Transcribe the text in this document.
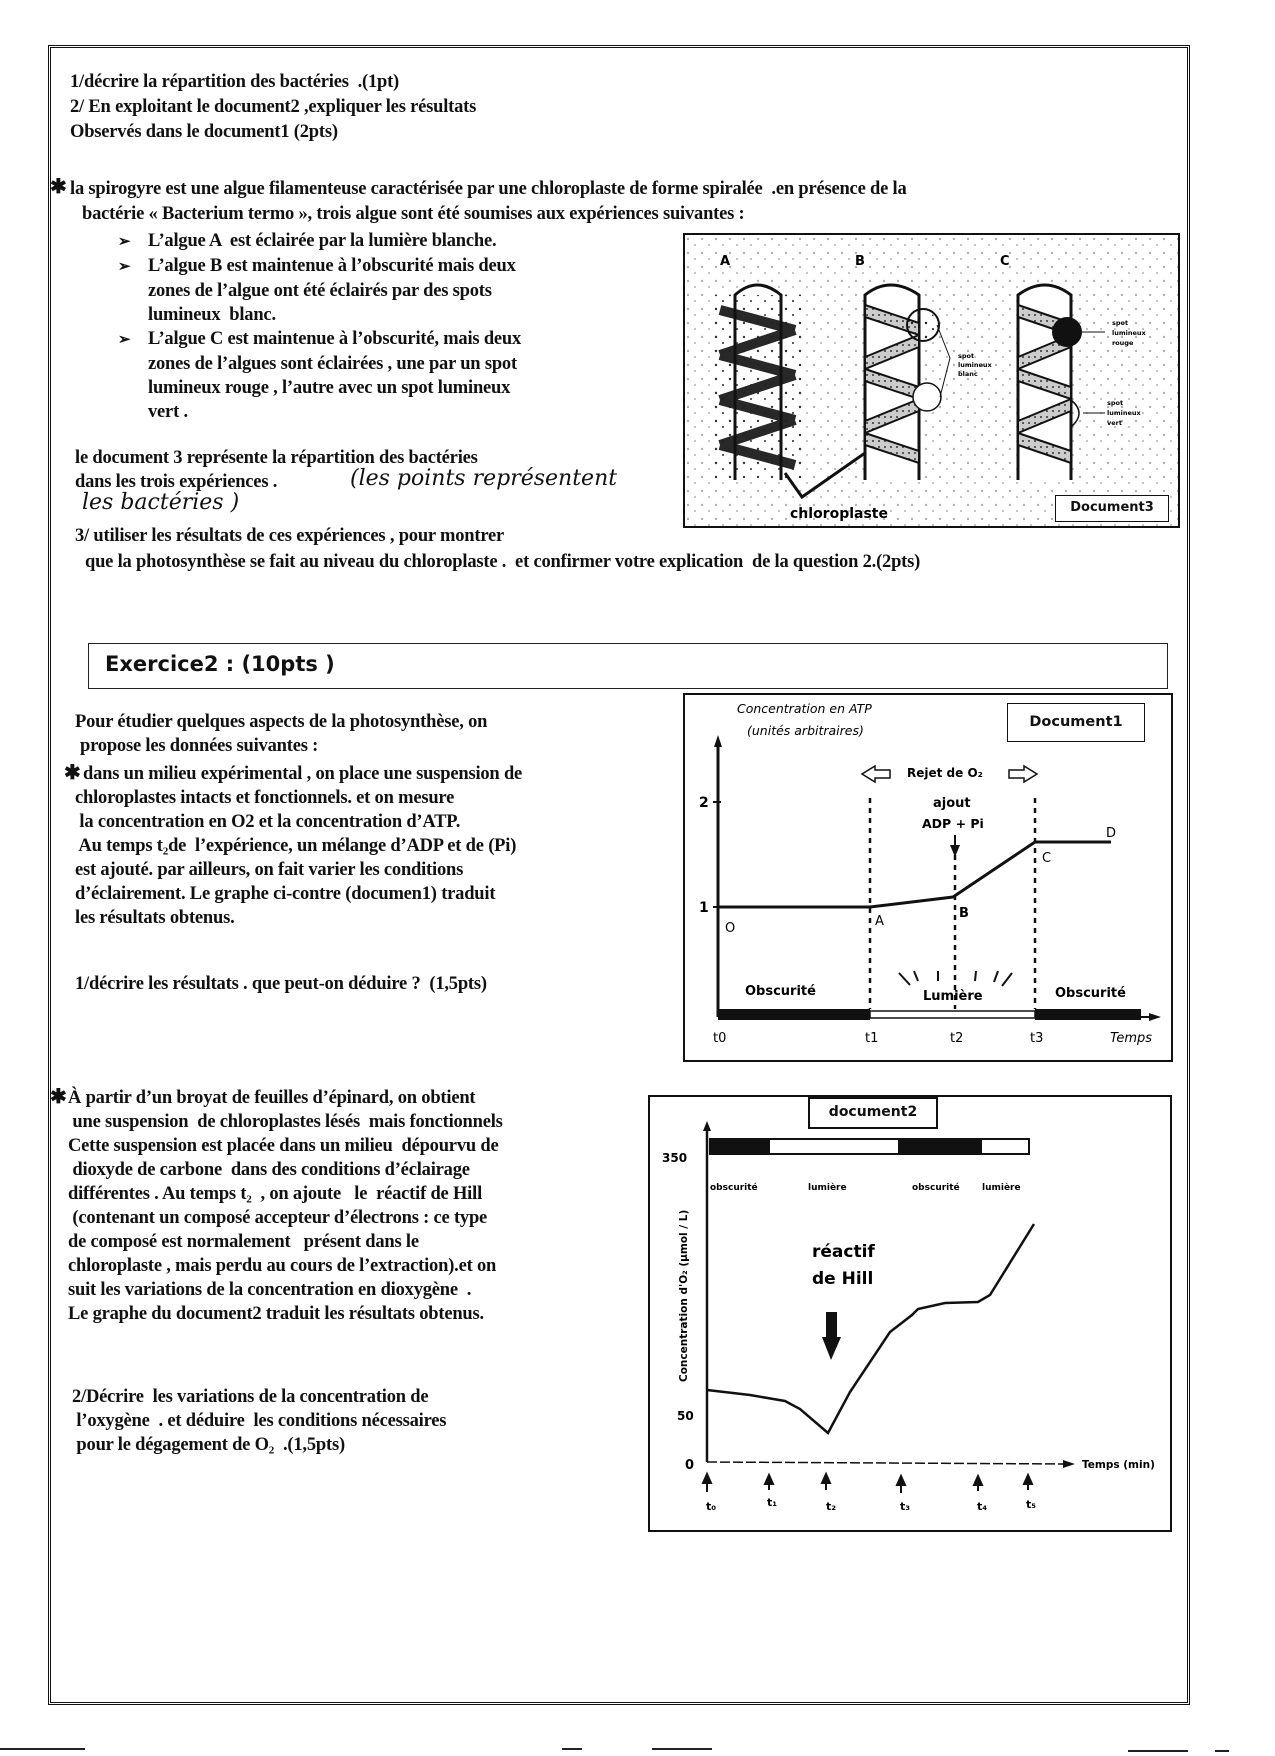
1/décrire la répartition des bactéries  .(1pt)
2/ En exploitant le document2 ,expliquer les résultats
Observés dans le document1 (2pts)
✱ la spirogyre est une algue filamenteuse caractérisée par une chloroplaste de forme spiralée  .en présence de la
bactérie « Bacterium termo », trois algue sont été soumises aux expériences suivantes :
➢ L’algue A  est éclairée par la lumière blanche.
➢ L’algue B est maintenue à l’obscurité mais deux
zones de l’algue ont été éclairés par des spots
lumineux  blanc.
➢ L’algue C est maintenue à l’obscurité, mais deux
zones de l’algues sont éclairées , une par un spot
lumineux rouge , l’autre avec un spot lumineux
vert .
le document 3 représente la répartition des bactéries
dans les trois expériences .	(les points représentent
les bactéries )
3/ utiliser les résultats de ces expériences , pour montrer
que la photosynthèse se fait au niveau du chloroplaste .  et confirmer votre explication  de la question 2.(2pts)
A	B	C
spot
lumineux
blanc
spot
lumineux
rouge
spot
lumineux
vert
chloroplaste	Document3
Exercice2 : (10pts )
Pour étudier quelques aspects de la photosynthèse, on
propose les données suivantes :
✱ dans un milieu expérimental , on place une suspension de
chloroplastes intacts et fonctionnels. et on mesure
la concentration en O2 et la concentration d’ATP.
Au temps t₂de  l’expérience, un mélange d’ADP et de (Pi)
est ajouté. par ailleurs, on fait varier les conditions
d’éclairement. Le graphe ci-contre (documen1) traduit
les résultats obtenus.
1/décrire les résultats . que peut-on déduire ?  (1,5pts)
2
1
Concentration en ATP
(unités arbitraires)
Rejet de O₂
ajout
ADP + Pi
O	A
B
C
D
Obscurité	Lumière	Obscurité
t0	t1	t2	t3	Temps
Document1
✱ À partir d’un broyat de feuilles d’épinard, on obtient
une suspension  de chloroplastes lésés  mais fonctionnels
Cette suspension est placée dans un milieu  dépourvu de
dioxyde de carbone  dans des conditions d’éclairage
différentes . Au temps t₂  , on ajoute   le  réactif de Hill
(contenant un composé accepteur d’électrons : ce type
de composé est normalement   présent dans le
chloroplaste , mais perdu au cours de l’extraction).et on
suit les variations de la concentration en dioxygène  .
Le graphe du document2 traduit les résultats obtenus.
2/Décrire  les variations de la concentration de
l’oxygène  . et déduire  les conditions nécessaires
pour le dégagement de O₂  .(1,5pts)
350
50
0
Concentration d'O₂ (µmol / L)
obscurité	lumière	obscurité lumière
réactif
de Hill
Temps (min)
t₀	t₁	t₂	t₃	t₄	t₅
document2
